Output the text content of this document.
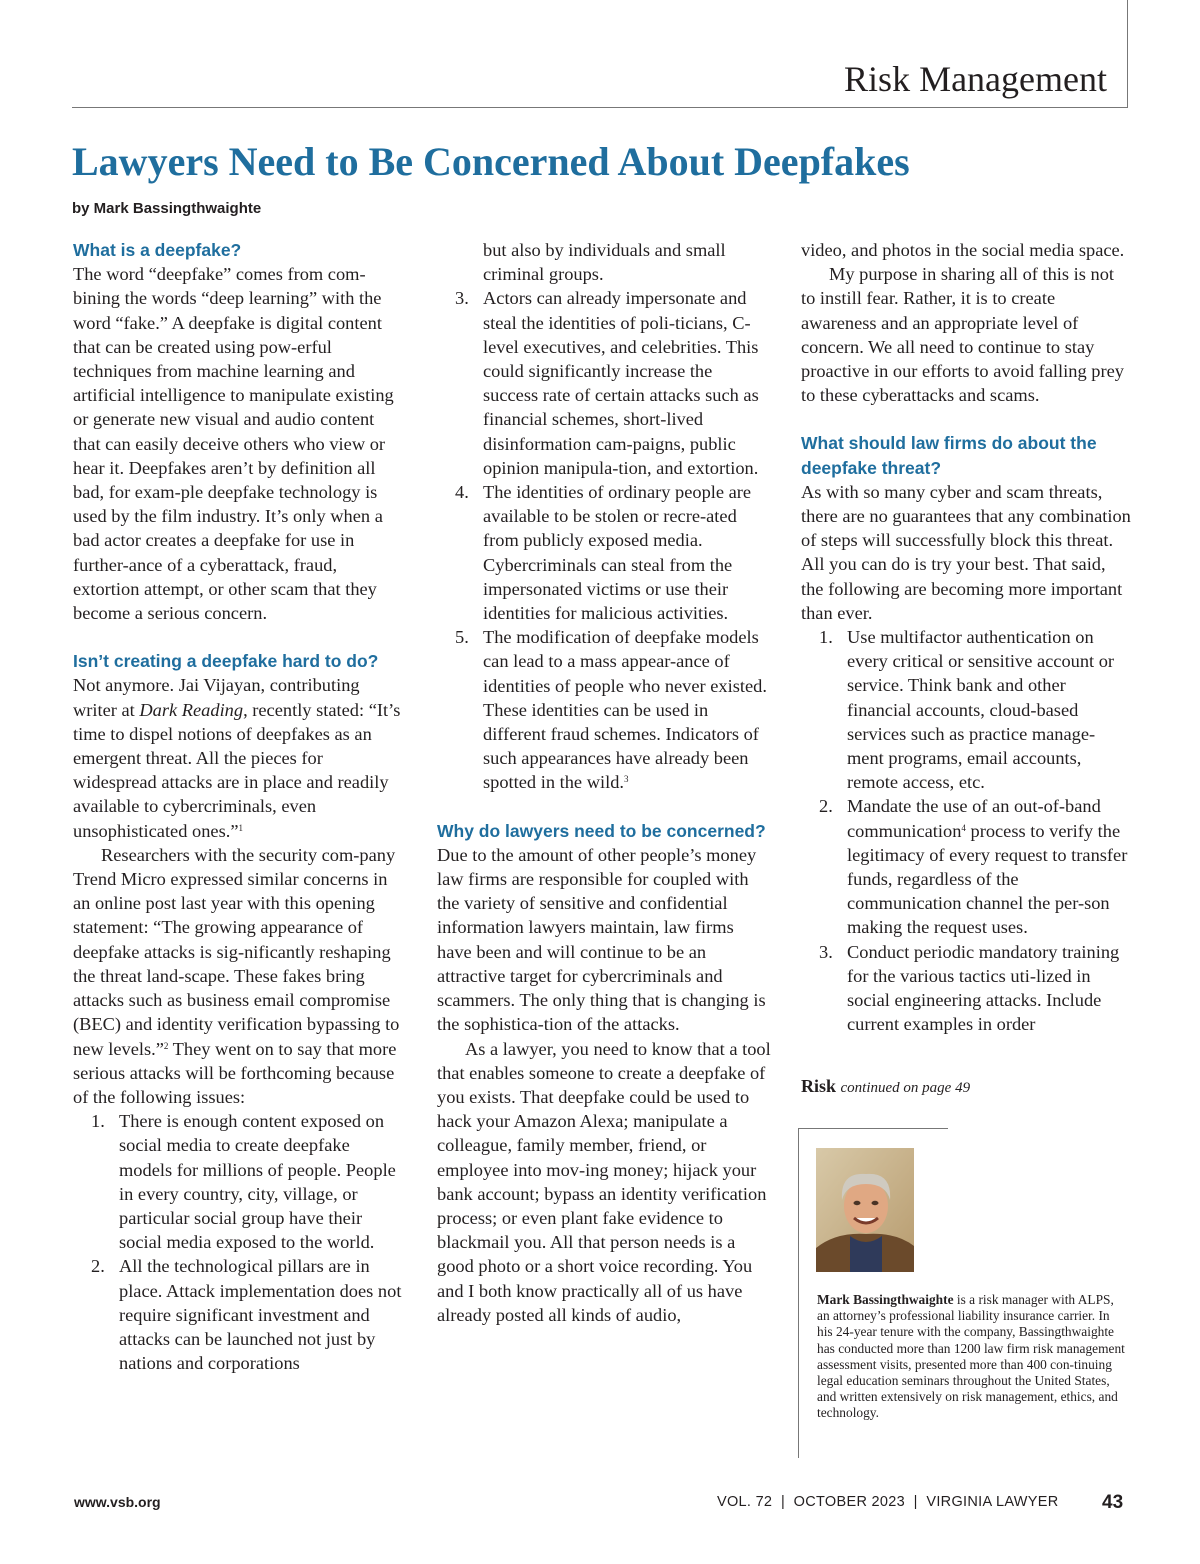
Risk Management
Lawyers Need to Be Concerned About Deepfakes

by Mark Bassingthwaighte

What is a deepfake?

The word “deepfake” comes from com-bining the words “deep learning” with the word “fake.” A deepfake is digital content that can be created using pow-erful techniques from machine learning and artificial intelligence to manipulate existing or generate new visual and audio content that can easily deceive others who view or hear it. Deepfakes aren’t by definition all bad, for exam-ple deepfake technology is used by the film industry. It’s only when a bad actor creates a deepfake for use in further-ance of a cyberattack, fraud, extortion attempt, or other scam that they become a serious concern.

Isn’t creating a deepfake hard to do?

Not anymore. Jai Vijayan, contributing writer at Dark Reading, recently stated: “It’s time to dispel notions of deepfakes as an emergent threat. All the pieces for widespread attacks are in place and readily available to cybercriminals, even unsophisticated ones.”$^1$

Researchers with the security com-pany Trend Micro expressed similar concerns in an online post last year with this opening statement: “The growing appearance of deepfake attacks is sig-nificantly reshaping the threat land-scape. These fakes bring attacks such as business email compromise (BEC) and identity verification bypassing to new levels.”$^2$ They went on to say that more serious attacks will be forthcoming because of the following issues:

1. There is enough content exposed on social media to create deepfake models for millions of people. People in every country, city, village, or particular social group have their social media exposed to the world.
2. All the technological pillars are in place. Attack implementation does not require significant investment and attacks can be launched not just by nations and corporations
but also by individuals and small criminal groups.
3. Actors can already impersonate and steal the identities of poli-ticians, C-level executives, and celebrities. This could significantly increase the success rate of certain attacks such as financial schemes, short-lived disinformation cam-paigns, public opinion manipula-tion, and extortion.
4. The identities of ordinary people are available to be stolen or recre-ated from publicly exposed media. Cybercriminals can steal from the impersonated victims or use their identities for malicious activities.
5. The modification of deepfake models can lead to a mass appear-ance of identities of people who never existed. These identities can be used in different fraud schemes. Indicators of such appearances have already been spotted in the wild.$^3$

Why do lawyers need to be concerned?

Due to the amount of other people’s money law firms are responsible for coupled with the variety of sensitive and confidential information lawyers maintain, law firms have been and will continue to be an attractive target for cybercriminals and scammers. The only thing that is changing is the sophistica-tion of the attacks.

As a lawyer, you need to know that a tool that enables someone to create a deepfake of you exists. That deepfake could be used to hack your Amazon Alexa; manipulate a colleague, family member, friend, or employee into mov-ing money; hijack your bank account; bypass an identity verification process; or even plant fake evidence to blackmail you. All that person needs is a good photo or a short voice recording. You and I both know practically all of us have already posted all kinds of audio,

video, and photos in the social media space.

My purpose in sharing all of this is not to instill fear. Rather, it is to create awareness and an appropriate level of concern. We all need to continue to stay proactive in our efforts to avoid falling prey to these cyberattacks and scams.

What should law firms do about the deepfake threat?

As with so many cyber and scam threats, there are no guarantees that any combination of steps will successfully block this threat. All you can do is try your best. That said, the following are becoming more important than ever.

1. Use multifactor authentication on every critical or sensitive account or service. Think bank and other financial accounts, cloud-based services such as practice manage-ment programs, email accounts, remote access, etc.
2. Mandate the use of an out-of-band communication$^4$ process to verify the legitimacy of every request to transfer funds, regardless of the communication channel the per-son making the request uses.
3. Conduct periodic mandatory training for the various tactics uti-lized in social engineering attacks. Include current examples in order
Risk continued on page 49

Mark Bassingthwaighte is a risk manager with ALPS, an attorney’s professional liability insurance carrier. In his 24-year tenure with the company, Bassingthwaighte has conducted more than 1200 law firm risk management assessment visits, presented more than 400 con-tinuing legal education seminars throughout the United States, and written extensively on risk management, ethics, and technology.

www.vsb.org	VOL. 72  |  OCTOBER 2023  |  VIRGINIA LAWYER 43
